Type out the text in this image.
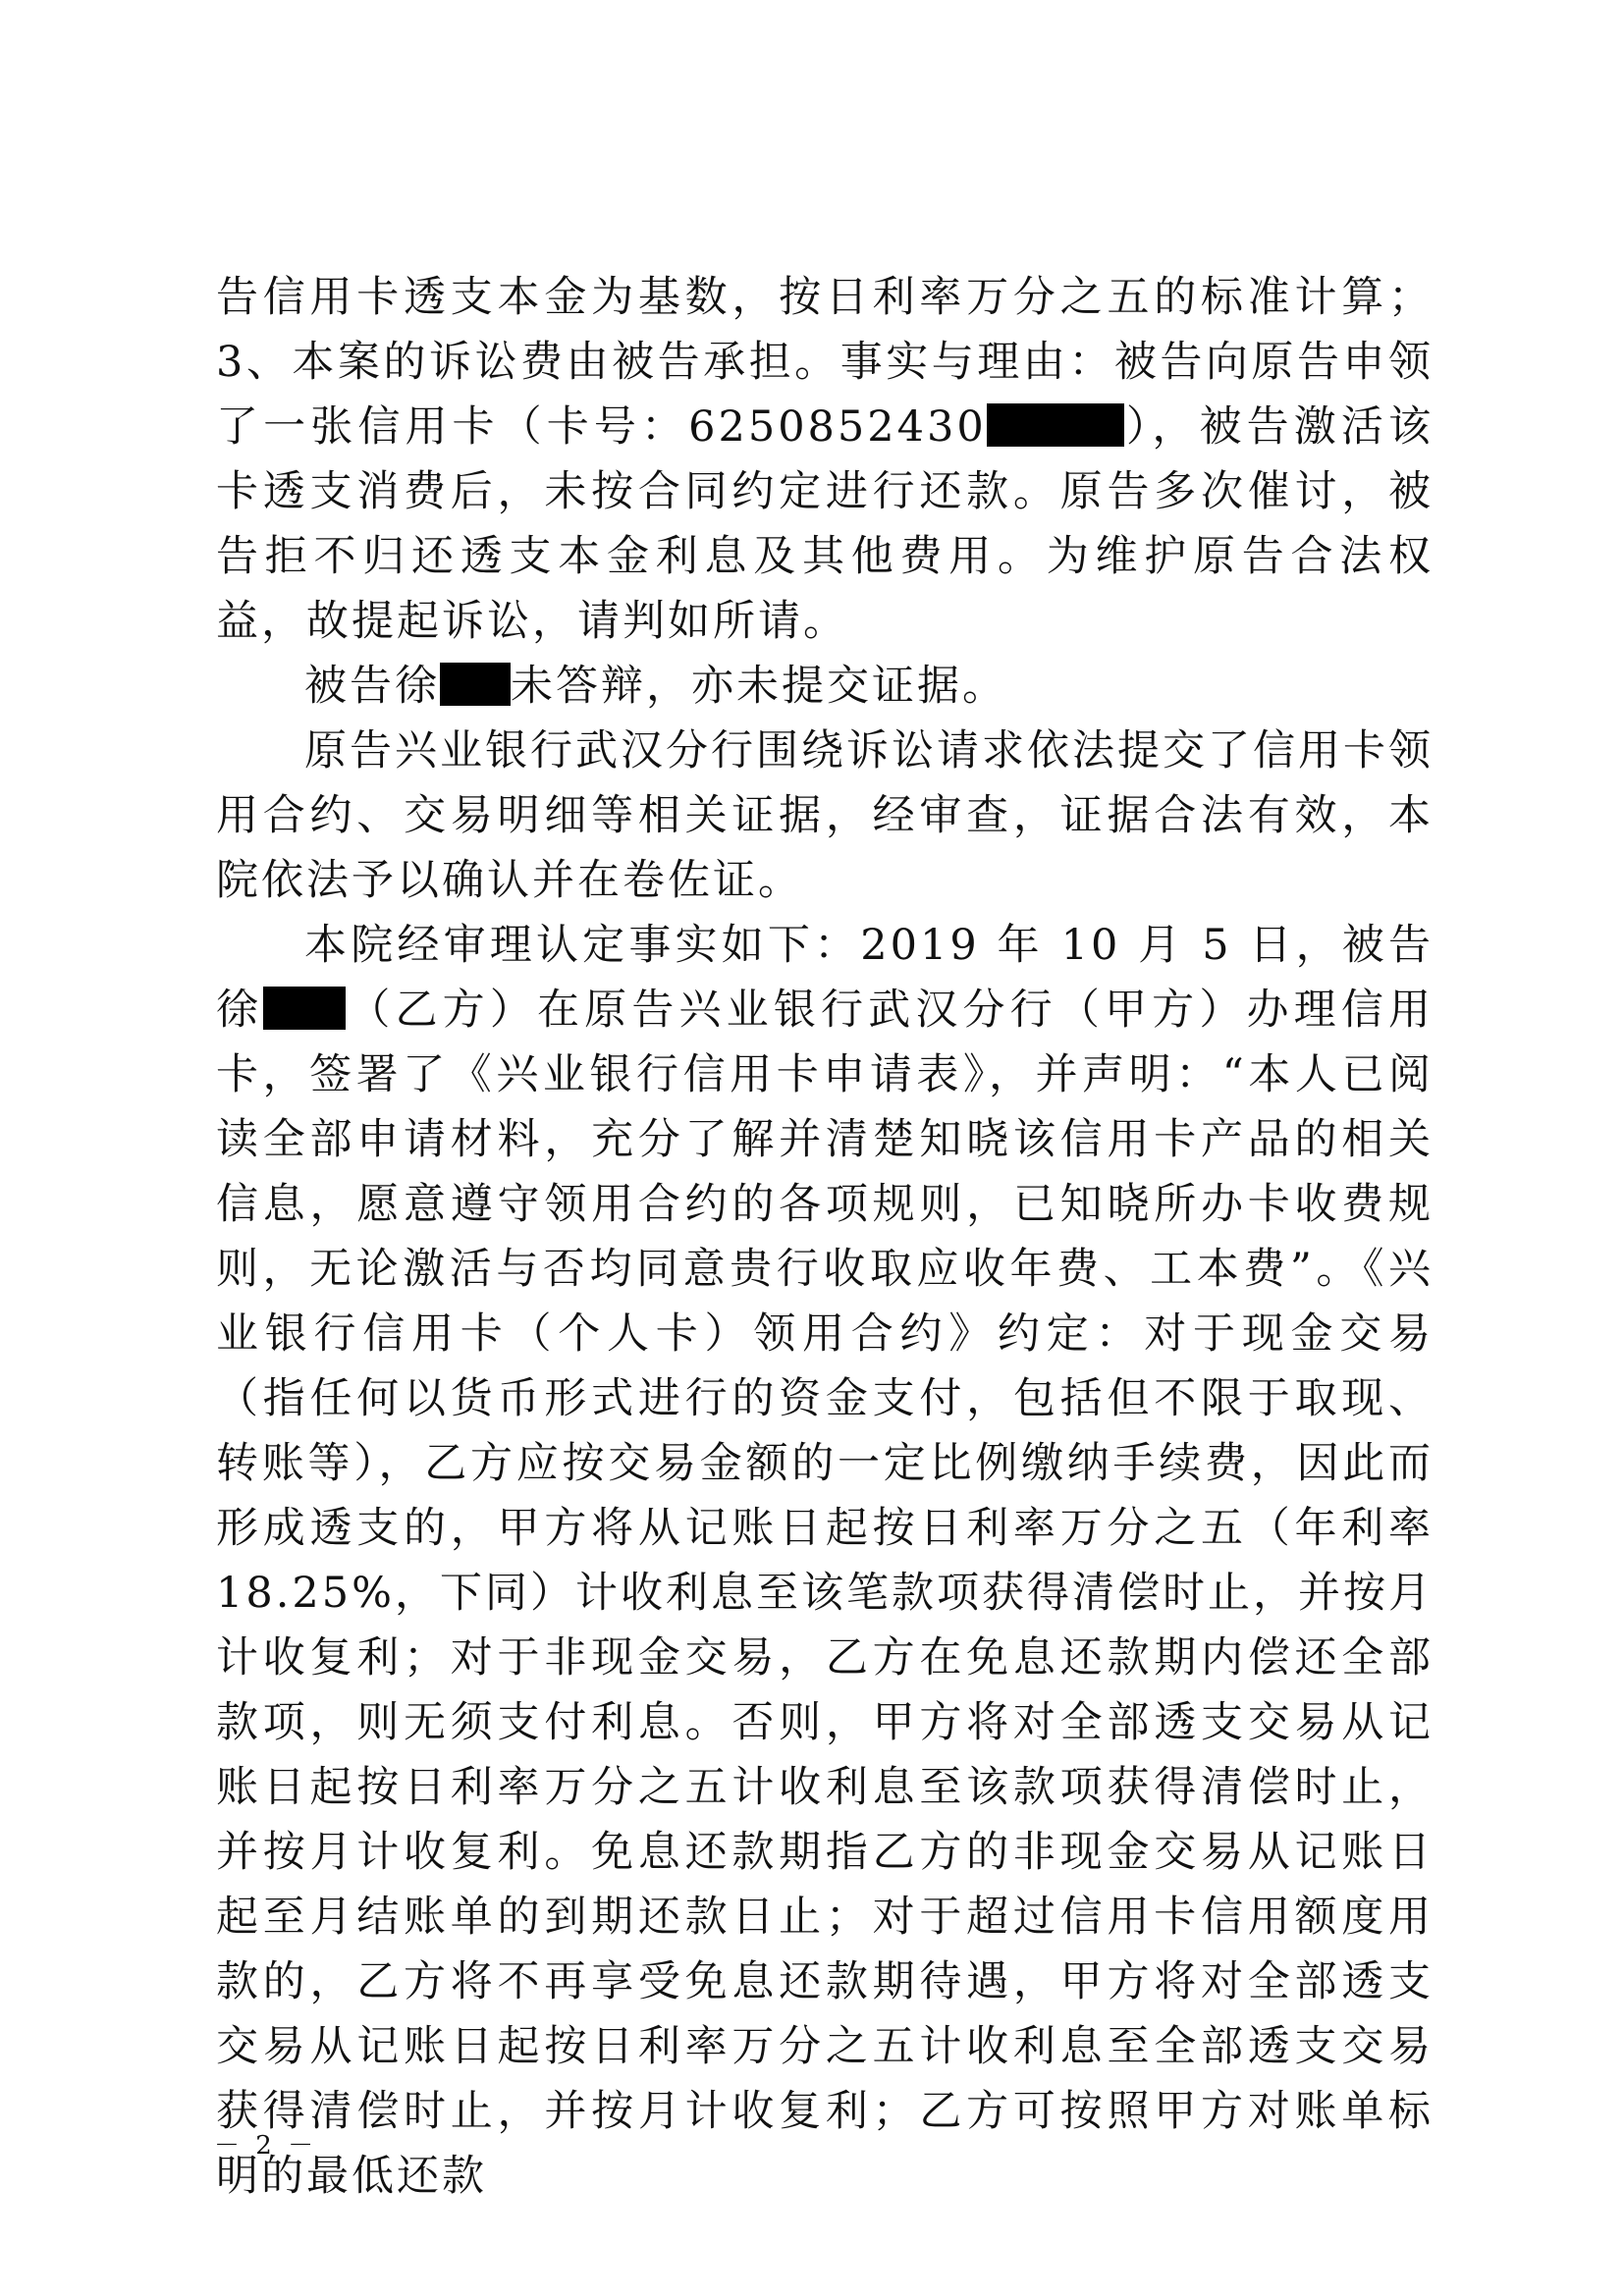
告信用卡透支本金为基数，按日利率万分之五的标准计算；3、本案的诉讼费由被告承担。事实与理由：被告向原告申领了一张信用卡（卡号：6250852430	），被告激活该卡透支消费后，未按合同约定进行还款。原告多次催讨，被告拒不归还透支本金利息及其他费用。为维护原告合法权益，故提起诉讼，请判如所请。

被告徐 未答辩，亦未提交证据。

原告兴业银行武汉分行围绕诉讼请求依法提交了信用卡领用合约、交易明细等相关证据，经审查，证据合法有效，本院依法予以确认并在卷佐证。

本院经审理认定事实如下：2019 年 10 月 5 日，被告徐 （乙方）在原告兴业银行武汉分行（甲方）办理信用卡，签署了《兴业银行信用卡申请表》，并声明：“本人已阅读全部申请材料，充分了解并清楚知晓该信用卡产品的相关信息，愿意遵守领用合约的各项规则，已知晓所办卡收费规则，无论激活与否均同意贵行收取应收年费、工本费”。《兴业银行信用卡（个人卡）领用合约》约定：对于现金交易（指任何以货币形式进行的资金支付，包括但不限于取现、转账等），乙方应按交易金额的一定比例缴纳手续费，因此而形成透支的，甲方将从记账日起按日利率万分之五（年利率 18.25%，下同）计收利息至该笔款项获得清偿时止，并按月计收复利；对于非现金交易，乙方在免息还款期内偿还全部款项，则无须支付利息。否则，甲方将对全部透支交易从记账日起按日利率万分之五计收利息至该款项获得清偿时止，并按月计收复利。免息还款期指乙方的非现金交易从记账日起至月结账单的到期还款日止；对于超过信用卡信用额度用款的，乙方将不再享受免息还款期待遇，甲方将对全部透支交易从记账日起按日利率万分之五计收利息至全部透支交易获得清偿时止，并按月计收复利；乙方可按照甲方对账单标明的最低还款

－ 2 －
